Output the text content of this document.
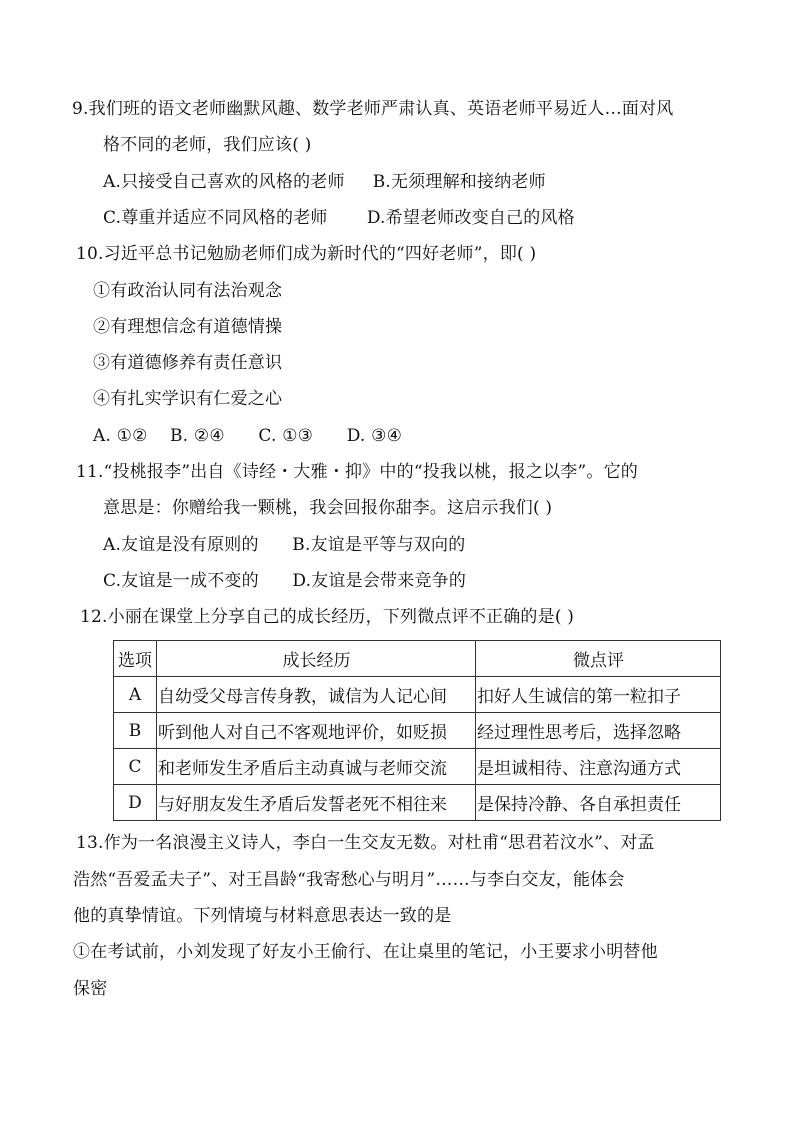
9.我们班的语文老师幽默风趣、数学老师严肃认真、英语老师平易近人…面对风
格不同的老师，我们应该( )
A.只接受自己喜欢的风格的老师     B.无须理解和接纳老师
C.尊重并适应不同风格的老师       D.希望老师改变自己的风格
10.习近平总书记勉励老师们成为新时代的“四好老师”，即( )
①有政治认同有法治观念
②有理想信念有道德情操
③有道德修养有责任意识
④有扎实学识有仁爱之心
A. ①②    B. ②④      C. ①③      D. ③④
11.“投桃报李”出自《诗经・大雅・抑》中的“投我以桃，报之以李”。它的
意思是：你赠给我一颗桃，我会回报你甜李。这启示我们( )
A.友谊是没有原则的      B.友谊是平等与双向的
C.友谊是一成不变的      D.友谊是会带来竞争的
12.小丽在课堂上分享自己的成长经历，下列微点评不正确的是( )
选项	成长经历	微点评
A	自幼受父母言传身教，诚信为人记心间	扣好人生诚信的第一粒扣子
B	听到他人对自己不客观地评价，如贬损	经过理性思考后，选择忽略
C	和老师发生矛盾后主动真诚与老师交流	是坦诚相待、注意沟通方式
D	与好朋友发生矛盾后发誓老死不相往来	是保持冷静、各自承担责任
13.作为一名浪漫主义诗人，李白一生交友无数。对杜甫“思君若汶水”、对孟
浩然“吾爱孟夫子”、对王昌龄“我寄愁心与明月”……与李白交友，能体会
他的真挚情谊。下列情境与材料意思表达一致的是
①在考试前，小刘发现了好友小王偷行、在让桌里的笔记，小王要求小明替他
保密
